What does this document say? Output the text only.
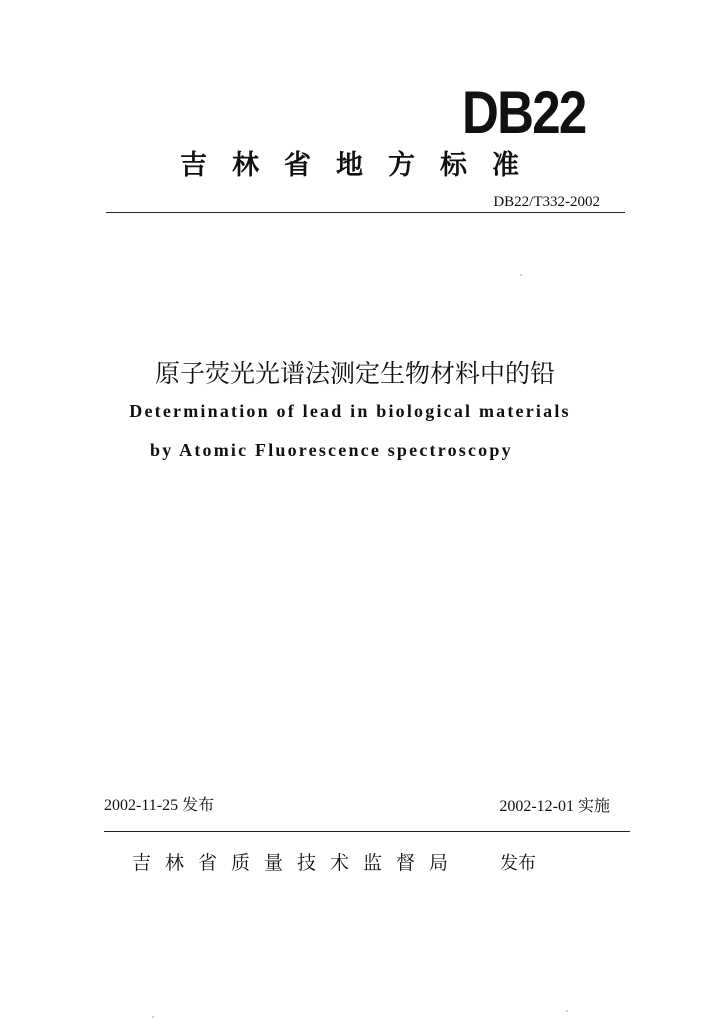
DB22
吉林省地方标准
DB22/T332-2002
原子荧光光谱法测定生物材料中的铅
Determination of lead in biological materials
by Atomic Fluorescence spectroscopy
2002-11-25 发布	2002-12-01 实施
吉林省质量技术监督局 发布
